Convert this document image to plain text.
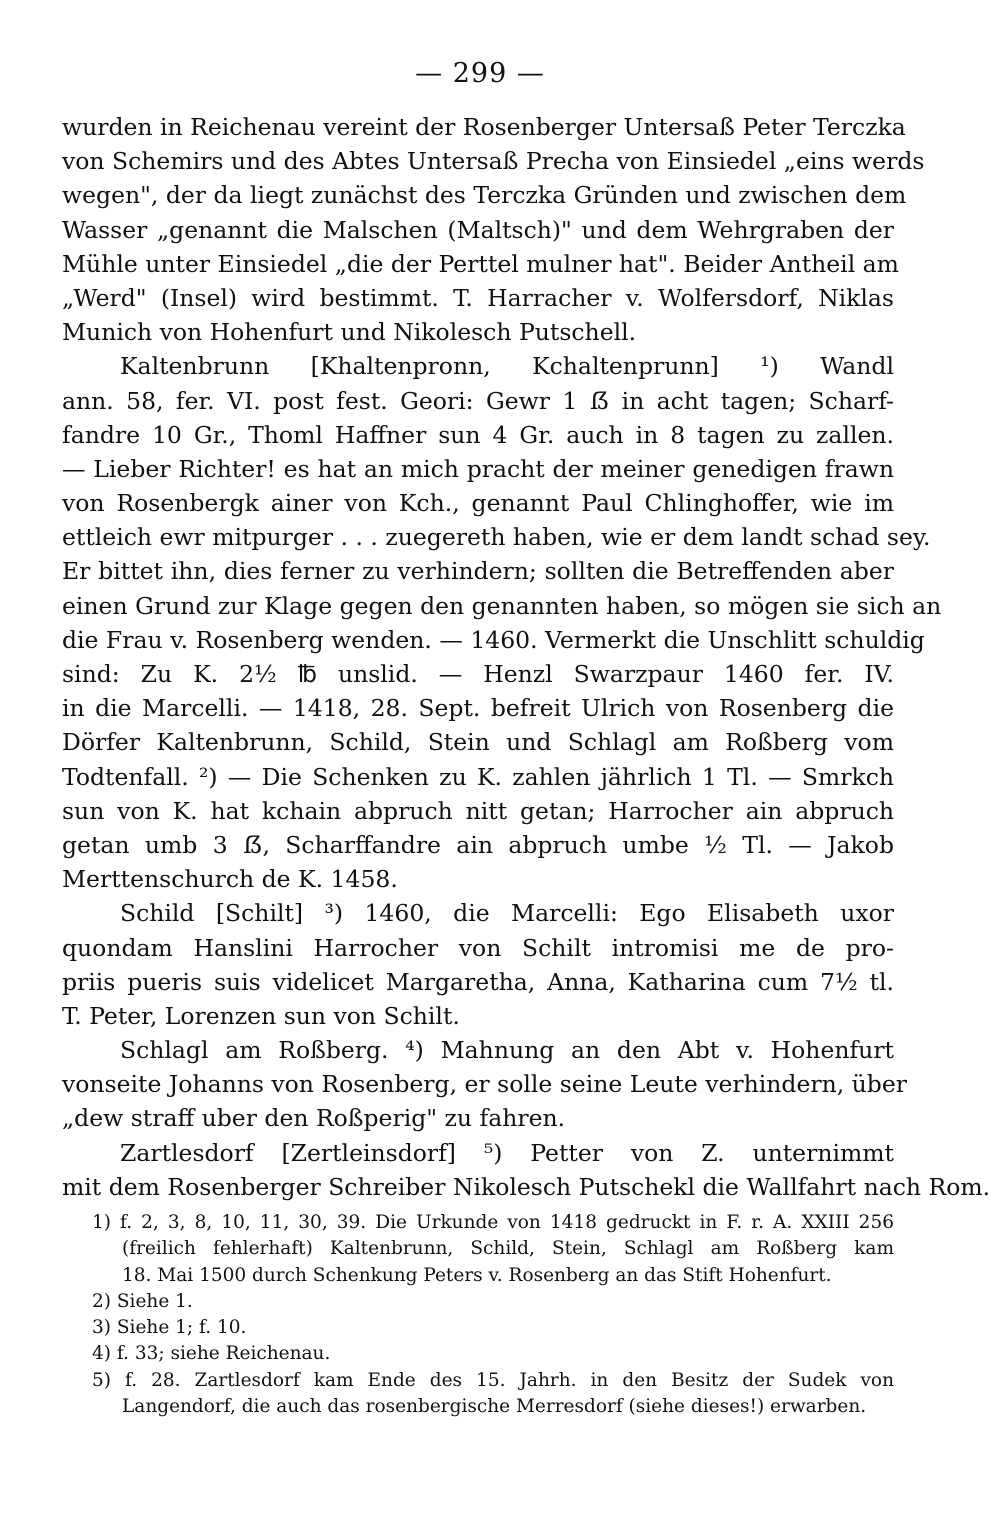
— 299 —
wurden in Reichenau vereint der Rosenberger Untersaß Peter Terczka
von Schemirs und des Abtes Untersaß Precha von Einsiedel „eins werds
wegen", der da liegt zunächst des Terczka Gründen und zwischen dem
Wasser „genannt die Malschen (Maltsch)" und dem Wehrgraben der
Mühle unter Einsiedel „die der Perttel mulner hat". Beider Antheil am
„Werd" (Insel) wird bestimmt. T. Harracher v. Wolfersdorf, Niklas
Munich von Hohenfurt und Nikolesch Putschell.
Kaltenbrunn [Khaltenpronn, Kchaltenprunn] ¹) Wandl
ann. 58, fer. VI. post fest. Geori: Gewr 1 ẞ in acht tagen; Scharf-
fandre 10 Gr., Thoml Haffner sun 4 Gr. auch in 8 tagen zu zallen.
— Lieber Richter! es hat an mich pracht der meiner genedigen frawn
von Rosenbergk ainer von Kch., genannt Paul Chlinghoffer, wie im
ettleich ewr mitpurger . . . zuegereth haben, wie er dem landt schad sey.
Er bittet ihn, dies ferner zu verhindern; sollten die Betreffenden aber
einen Grund zur Klage gegen den genannten haben, so mögen sie sich an
die Frau v. Rosenberg wenden. — 1460. Vermerkt die Unschlitt schuldig
sind: Zu K. 2½ ℔ unslid. — Henzl Swarzpaur 1460 fer. IV.
in die Marcelli. — 1418, 28. Sept. befreit Ulrich von Rosenberg die
Dörfer Kaltenbrunn, Schild, Stein und Schlagl am Roßberg vom
Todtenfall. ²) — Die Schenken zu K. zahlen jährlich 1 Tl. — Smrkch
sun von K. hat kchain abpruch nitt getan; Harrocher ain abpruch
getan umb 3 ẞ, Scharffandre ain abpruch umbe ½ Tl. — Jakob
Merttenschurch de K. 1458.
Schild [Schilt] ³) 1460, die Marcelli: Ego Elisabeth uxor
quondam Hanslini Harrocher von Schilt intromisi me de pro-
priis pueris suis videlicet Margaretha, Anna, Katharina cum 7½ tl.
T. Peter, Lorenzen sun von Schilt.
Schlagl am Roßberg. ⁴) Mahnung an den Abt v. Hohenfurt
vonseite Johanns von Rosenberg, er solle seine Leute verhindern, über
„dew straff uber den Roßperig" zu fahren.
Zartlesdorf [Zertleinsdorf] ⁵) Petter von Z. unternimmt
mit dem Rosenberger Schreiber Nikolesch Putschekl die Wallfahrt nach Rom.
1) f. 2, 3, 8, 10, 11, 30, 39. Die Urkunde von 1418 gedruckt in F. r. A. XXIII 256
(freilich fehlerhaft) Kaltenbrunn, Schild, Stein, Schlagl am Roßberg kam
18. Mai 1500 durch Schenkung Peters v. Rosenberg an das Stift Hohenfurt.
2) Siehe 1.
3) Siehe 1; f. 10.
4) f. 33; siehe Reichenau.
5) f. 28. Zartlesdorf kam Ende des 15. Jahrh. in den Besitz der Sudek von
Langendorf, die auch das rosenbergische Merresdorf (siehe dieses!) erwarben.
